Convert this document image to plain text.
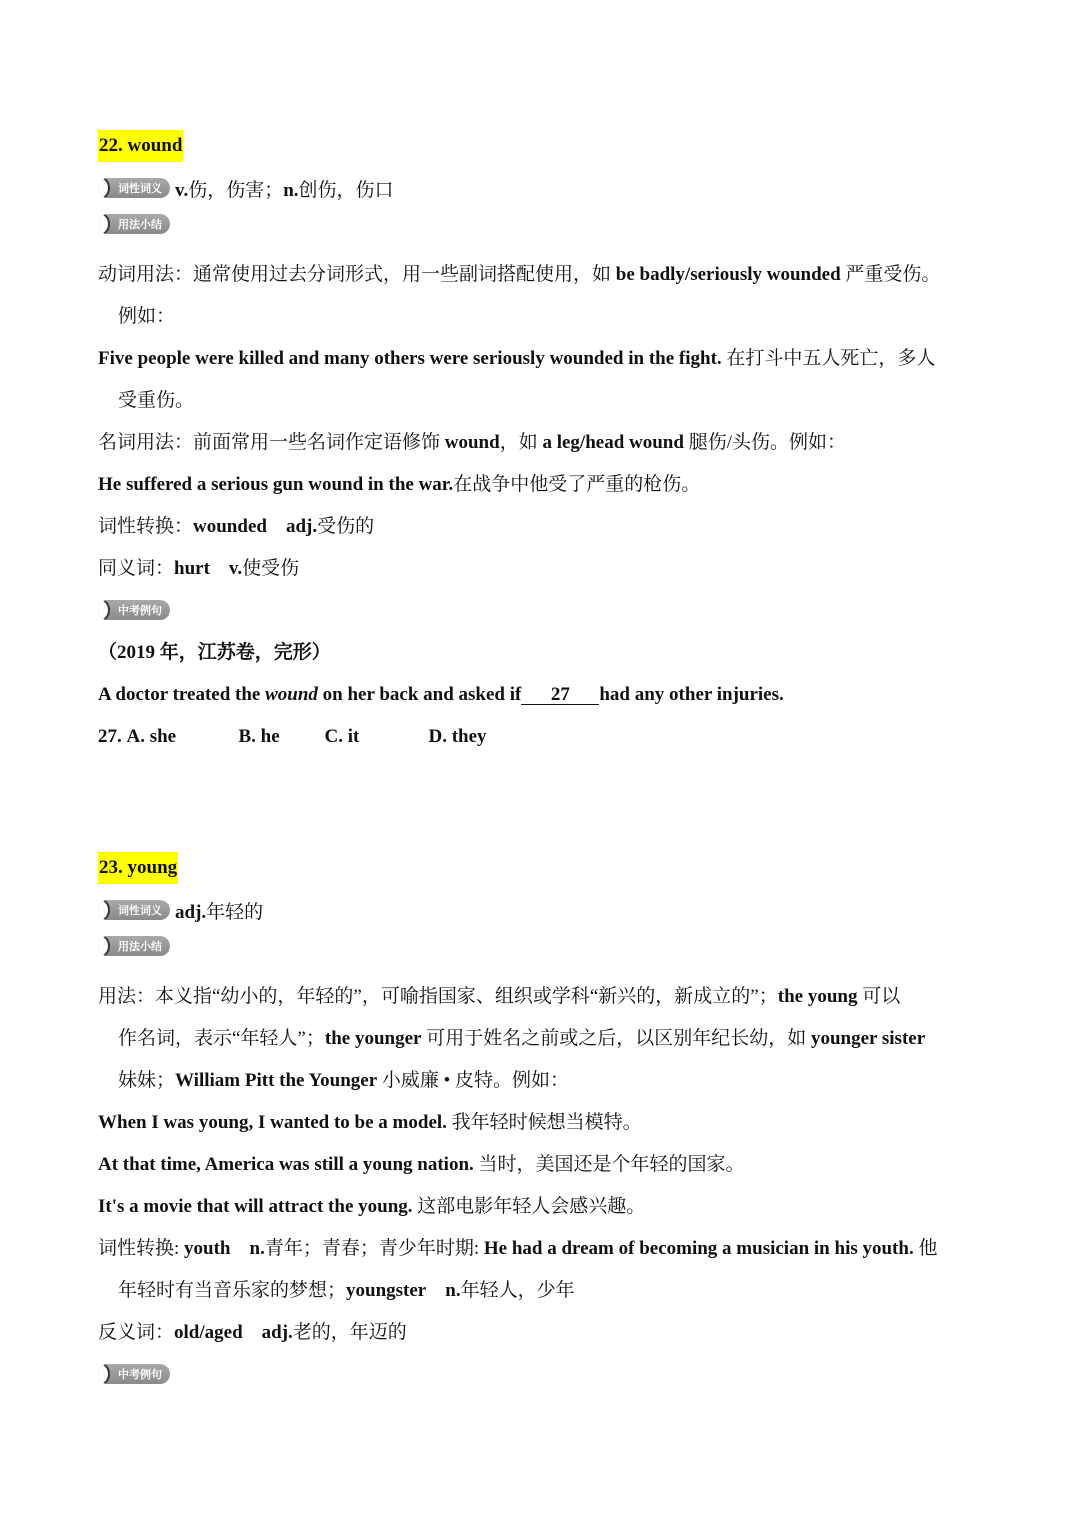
22. wound
词性词义 v.伤，伤害；n.创伤，伤口
用法小结
动词用法：通常使用过去分词形式，用一些副词搭配使用，如 be badly/seriously wounded 严重受伤。
例如：
Five people were killed and many others were seriously wounded in the fight. 在打斗中五人死亡，多人
受重伤。
名词用法：前面常用一些名词作定语修饰 wound，如 a leg/head wound 腿伤/头伤。例如：
He suffered a serious gun wound in the war.在战争中他受了严重的枪伤。
词性转换：wounded adj.受伤的
同义词：hurt v.使受伤
中考例句
（2019 年，江苏卷，完形）
A doctor treated the wound on her back and asked if 27 had any other injuries.
27. A. she	B. he C. it	D. they
23. young
词性词义 adj.年轻的
用法小结
用法：本义指“幼小的，年轻的”，可喻指国家、组织或学科“新兴的，新成立的”；the young 可以
作名词，表示“年轻人”；the younger 可用于姓名之前或之后，以区别年纪长幼，如 younger sister
妹妹；William Pitt the Younger 小威廉 • 皮特。例如：
When I was young, I wanted to be a model. 我年轻时候想当模特。
At that time, America was still a young nation. 当时，美国还是个年轻的国家。
It's a movie that will attract the young. 这部电影年轻人会感兴趣。
词性转换: youth n.青年；青春；青少年时期: He had a dream of becoming a musician in his youth. 他
年轻时有当音乐家的梦想；youngster n.年轻人，少年
反义词：old/aged adj.老的，年迈的
中考例句
